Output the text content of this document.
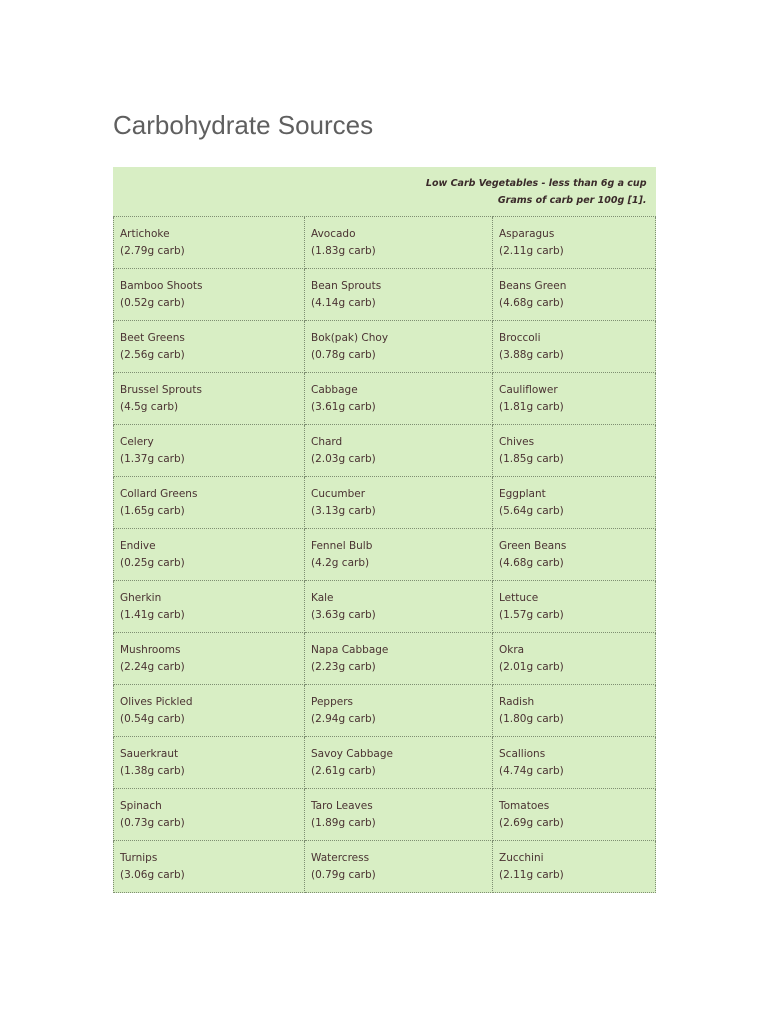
Carbohydrate Sources
Low Carb Vegetables - less than 6g a cup
Grams of carb per 100g [1].		

Artichoke
(2.79g carb)	Avocado
(1.83g carb)	Asparagus
(2.11g carb)

Bamboo Shoots
(0.52g carb)	Bean Sprouts
(4.14g carb)	Beans Green
(4.68g carb)

Beet Greens
(2.56g carb)	Bok(pak) Choy
(0.78g carb)	Broccoli
(3.88g carb)

Brussel Sprouts
(4.5g carb)	Cabbage
(3.61g carb)	Cauliflower
(1.81g carb)

Celery
(1.37g carb)	Chard
(2.03g carb)	Chives
(1.85g carb)

Collard Greens
(1.65g carb)	Cucumber
(3.13g carb)	Eggplant
(5.64g carb)

Endive
(0.25g carb)	Fennel Bulb
(4.2g carb)	Green Beans
(4.68g carb)

Gherkin
(1.41g carb)	Kale
(3.63g carb)	Lettuce
(1.57g carb)

Mushrooms
(2.24g carb)	Napa Cabbage
(2.23g carb)	Okra
(2.01g carb)

Olives Pickled
(0.54g carb)	Peppers
(2.94g carb)	Radish
(1.80g carb)

Sauerkraut
(1.38g carb)	Savoy Cabbage
(2.61g carb)	Scallions
(4.74g carb)

Spinach
(0.73g carb)	Taro Leaves
(1.89g carb)	Tomatoes
(2.69g carb)

Turnips
(3.06g carb)	Watercress
(0.79g carb)	Zucchini
(2.11g carb)
